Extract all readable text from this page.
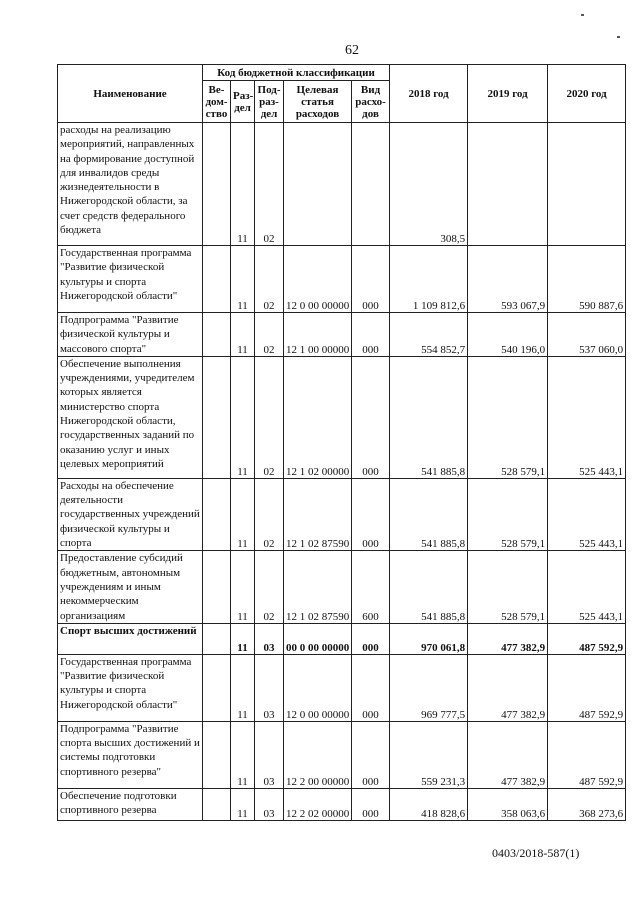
62
Наименование	Код бюджетной классификации					2018 год	2019 год	2020 год
	Ве-дом-ство	Раз-дел	Под-раз-дел	Целевая статья расходов	Вид расхо-дов			
расходы на реализацию мероприятий, направленных на формирование доступной для инвалидов среды жизнедеятельности в Нижегородской области, за счет средств федерального бюджета		11	02			308,5		
Государственная программа "Развитие физической культуры и спорта Нижегородской области"		11	02	12 0 00 00000	000	1 109 812,6	593 067,9	590 887,6
Подпрограмма "Развитие физической культуры и массового спорта"		11	02	12 1 00 00000	000	554 852,7	540 196,0	537 060,0
Обеспечение выполнения учреждениями, учредителем которых является министерство спорта Нижегородской области, государственных заданий по оказанию услуг и иных целевых мероприятий		11	02	12 1 02 00000	000	541 885,8	528 579,1	525 443,1
Расходы на обеспечение деятельности государственных учреждений физической культуры и спорта		11	02	12 1 02 87590	000	541 885,8	528 579,1	525 443,1
Предоставление субсидий бюджетным, автономным учреждениям и иным некоммерческим организациям		11	02	12 1 02 87590	600	541 885,8	528 579,1	525 443,1
Спорт высших достижений		11	03	00 0 00 00000	000	970 061,8	477 382,9	487 592,9
Государственная программа "Развитие физической культуры и спорта Нижегородской области"		11	03	12 0 00 00000	000	969 777,5	477 382,9	487 592,9
Подпрограмма "Развитие спорта высших достижений и системы подготовки спортивного резерва"		11	03	12 2 00 00000	000	559 231,3	477 382,9	487 592,9
Обеспечение подготовки спортивного резерва		11	03	12 2 02 00000	000	418 828,6	358 063,6	368 273,6
0403/2018-587(1)
